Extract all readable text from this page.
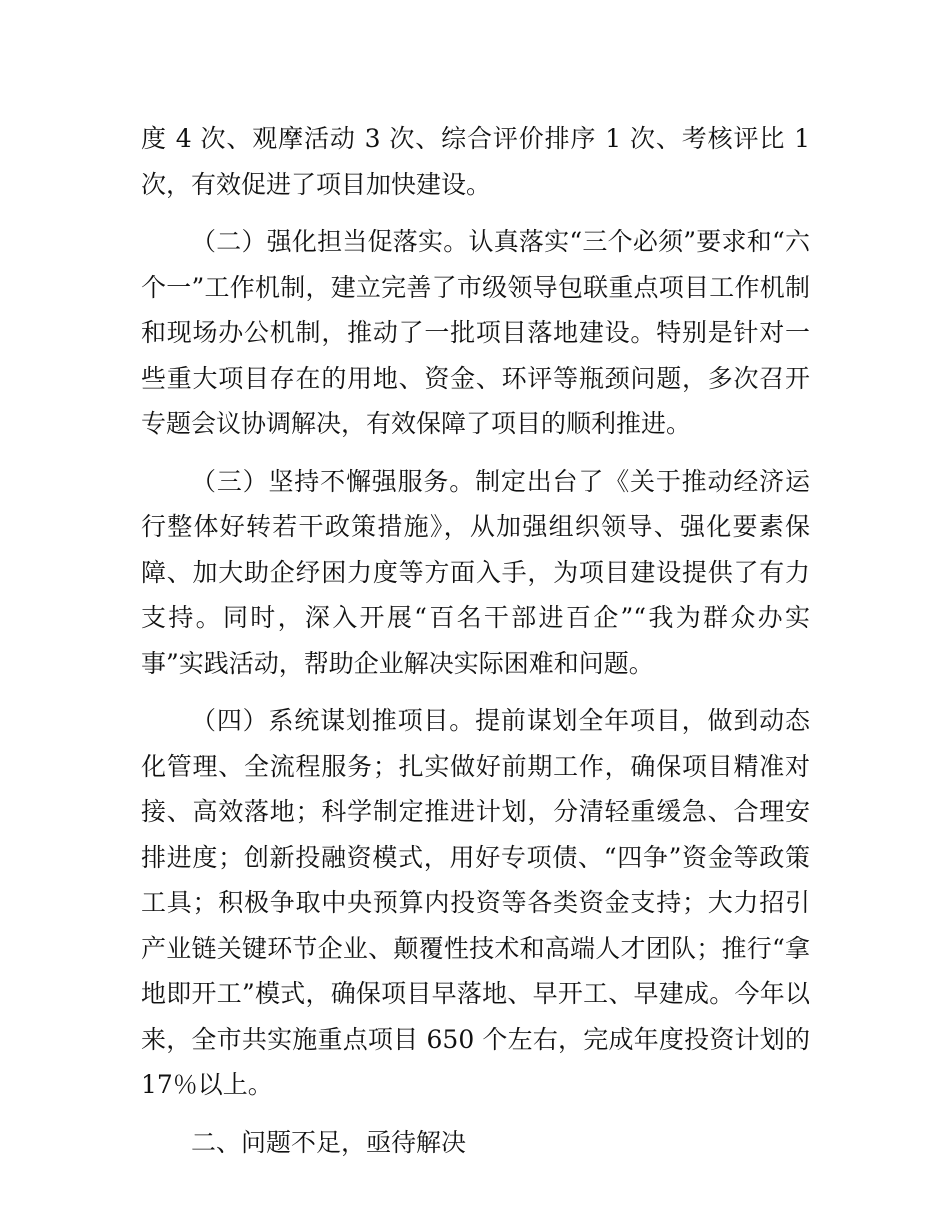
度 4 次、观摩活动 3 次、综合评价排序 1 次、考核评比 1 次，有效促进了项目加快建设。

（二）强化担当促落实。认真落实“三个必须”要求和“六个一”工作机制，建立完善了市级领导包联重点项目工作机制和现场办公机制，推动了一批项目落地建设。特别是针对一些重大项目存在的用地、资金、环评等瓶颈问题，多次召开专题会议协调解决，有效保障了项目的顺利推进。

（三）坚持不懈强服务。制定出台了《关于推动经济运行整体好转若干政策措施》，从加强组织领导、强化要素保障、加大助企纾困力度等方面入手，为项目建设提供了有力支持。同时，深入开展“百名干部进百企”“我为群众办实事”实践活动，帮助企业解决实际困难和问题。

（四）系统谋划推项目。提前谋划全年项目，做到动态化管理、全流程服务；扎实做好前期工作，确保项目精准对接、高效落地；科学制定推进计划，分清轻重缓急、合理安排进度；创新投融资模式，用好专项债、“四争”资金等政策工具；积极争取中央预算内投资等各类资金支持；大力招引产业链关键环节企业、颠覆性技术和高端人才团队；推行“拿地即开工”模式，确保项目早落地、早开工、早建成。今年以来，全市共实施重点项目 650 个左右，完成年度投资计划的 17％以上。

二、问题不足，亟待解决
